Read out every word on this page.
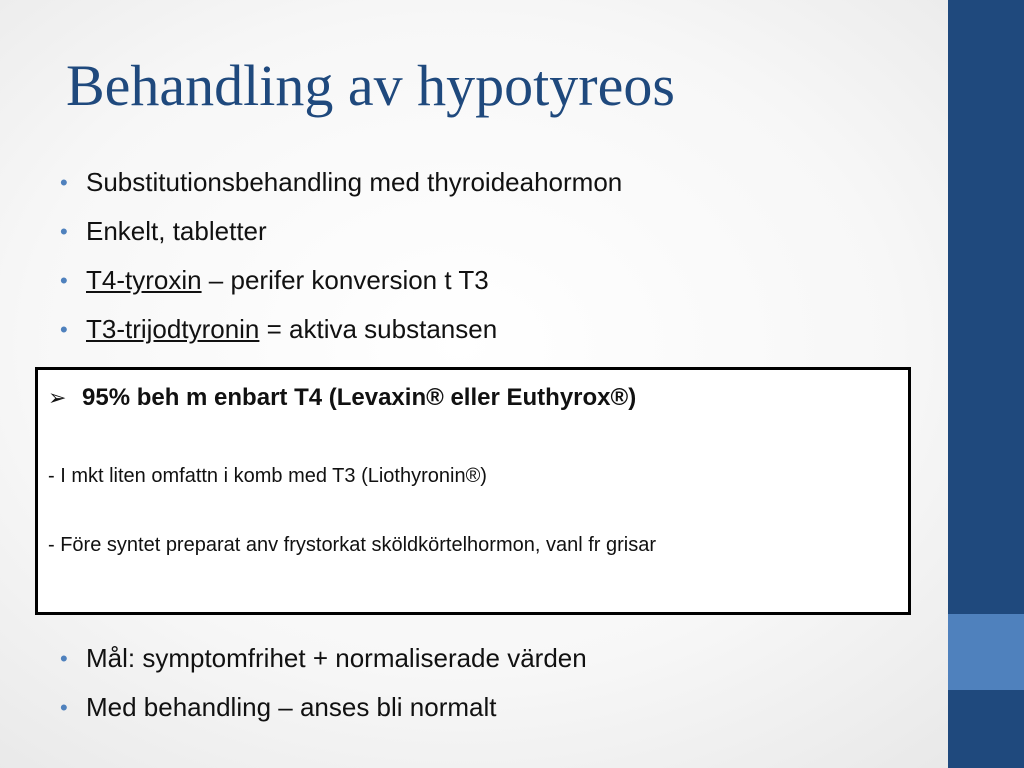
Behandling av hypotyreos
• Substitutionsbehandling med thyroideahormon
• Enkelt, tabletter
• T4-tyroxin – perifer konversion t T3
• T3-trijodtyronin = aktiva substansen
➢ 95% beh m enbart T4 (Levaxin® eller Euthyrox®)
- I mkt liten omfattn i komb med T3 (Liothyronin®)
- Före syntet preparat anv frystorkat sköldkörtelhormon, vanl fr grisar
• Mål: symptomfrihet + normaliserade värden
• Med behandling – anses bli normalt
